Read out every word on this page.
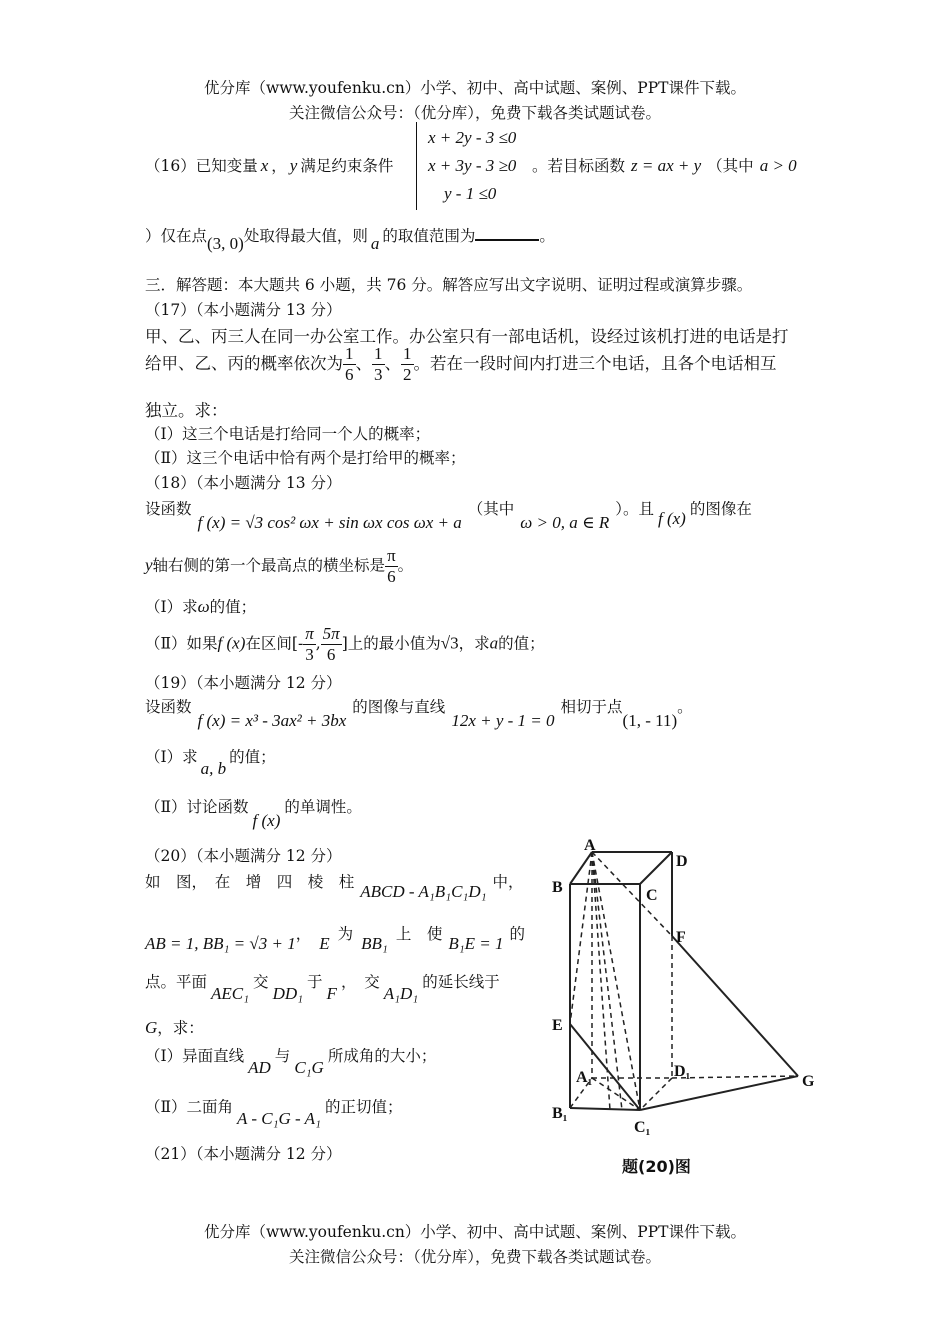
优分库（www.youfenku.cn）小学、初中、高中试题、案例、PPT课件下载。
关注微信公众号：（优分库），免费下载各类试题试卷。
（16）已知变量 x ， y 满足约束条件
x + 2y - 3 ≤0
x + 3y - 3 ≥0
y - 1 ≤0
。若目标函数 z = ax + y （其中 a > 0
）仅在点(3, 0)处取得最大值，则 a 的取值范围为	。
三．解答题：本大题共 6 小题，共 76 分。解答应写出文字说明、证明过程或演算步骤。
（17）（本小题满分 13 分）
甲、乙、丙三人在同一办公室工作。办公室只有一部电话机，设经过该机打进的电话是打
给甲、乙、丙的概率依次为 $\frac{1}{6}$ 、 $\frac{1}{3}$ 、 $\frac{1}{2}$ 。若在一段时间内打进三个电话，且各个电话相互
独立。求：
（Ⅰ）这三个电话是打给同一个人的概率；
（Ⅱ）这三个电话中恰有两个是打给甲的概率；
（18）（本小题满分 13 分）
设函数f (x) = √3 cos² ωx + sin ωx cos ωx + a（其中ω > 0, a ∈ R）。且 f (x) 的图像在
y轴右侧的第一个最高点的横坐标是 $\frac{\pi}{6}$ 。
（Ⅰ）求ω的值；
（Ⅱ）如果f (x)在区间[- $\frac{\pi}{3}$ , $\frac{5\pi}{6}$ ]上的最小值为√3，求a的值；
（19）（本小题满分 12 分）
设函数f (x) = x³ - 3ax² + 3bx的图像与直线12x + y - 1 = 0相切于点(1, - 11)。
（Ⅰ）求a, b的值；
（Ⅱ）讨论函数f (x)的单调性。
（20）（本小题满分 12 分）
如　图，　在　增　四　棱　柱 ABCD - A₁B₁C₁D₁ 中，
AB = 1, BB₁ = √3 + 1， E 为 BB₁ 上　使 B₁E = 1 的
点。平面AEC₁交DD₁于F，　交A₁D₁的延长线于
G，求：
（Ⅰ）异面直线AD与C₁G所成角的大小；
（Ⅱ）二面角A - C₁G - A₁的正切值；
（21）（本小题满分 12 分）
A
D
B	C
F
E
A₁	D₁
G
B₁
C₁
题(20)图
优分库（www.youfenku.cn）小学、初中、高中试题、案例、PPT课件下载。
关注微信公众号：（优分库），免费下载各类试题试卷。
